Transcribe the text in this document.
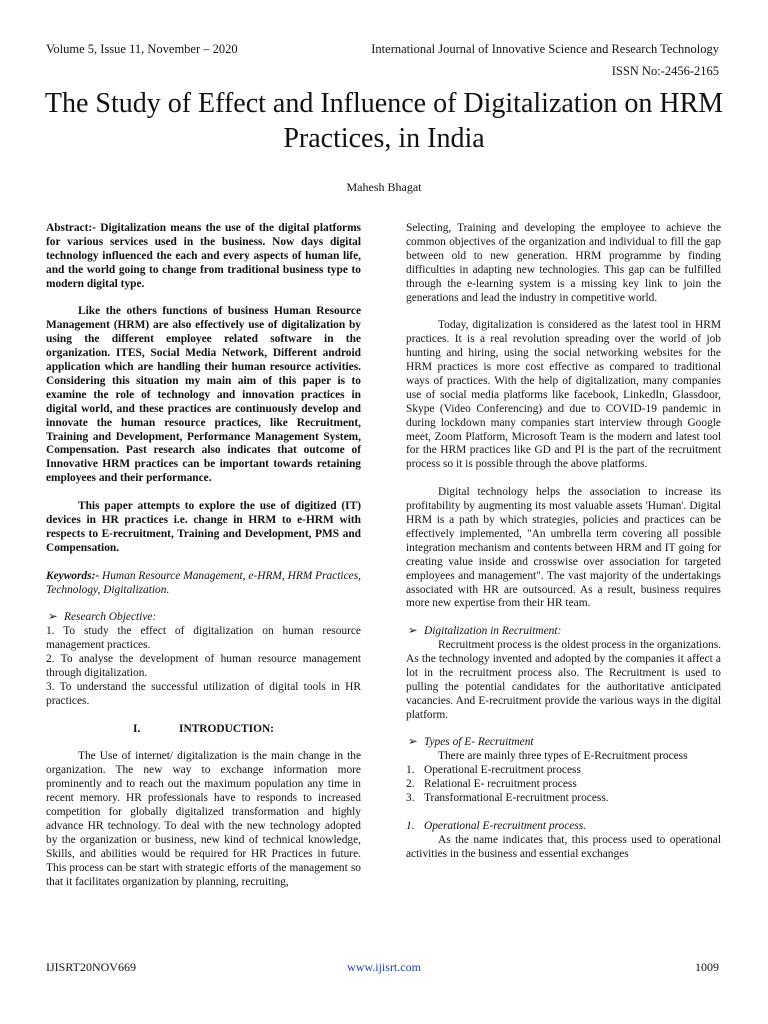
Volume 5, Issue 11, November – 2020	International Journal of Innovative Science and Research Technology
ISSN No:-2456-2165
The Study of Effect and Influence of Digitalization on HRM Practices, in India
Mahesh Bhagat

Abstract:- Digitalization means the use of the digital platforms for various services used in the business. Now days digital technology influenced the each and every aspects of human life, and the world going to change from traditional business type to modern digital type.

Like the others functions of business Human Resource Management (HRM) are also effectively use of digitalization by using the different employee related software in the organization. ITES, Social Media Network, Different android application which are handling their human resource activities. Considering this situation my main aim of this paper is to examine the role of technology and innovation practices in digital world, and these practices are continuously develop and innovate the human resource practices, like Recruitment, Training and Development, Performance Management System, Compensation. Past research also indicates that outcome of Innovative HRM practices can be important towards retaining employees and their performance.

This paper attempts to explore the use of digitized (IT) devices in HR practices i.e. change in HRM to e-HRM with respects to E-recruitment, Training and Development, PMS and Compensation.

Keywords:- Human Resource Management, e-HRM, HRM Practices, Technology, Digitalization.

➢ Research Objective:

1. To study the effect of digitalization on human resource management practices.

2. To analyse the development of human resource management through digitalization.

3. To understand the successful utilization of digital tools in HR practices.

I.	INTRODUCTION:

The Use of internet/ digitalization is the main change in the organization. The new way to exchange information more prominently and to reach out the maximum population any time in recent memory. HR professionals have to responds to increased competition for globally digitalized transformation and highly advance HR technology. To deal with the new technology adopted by the organization or business, new kind of technical knowledge, Skills, and abilities would be required for HR Practices in future. This process can be start with strategic efforts of the management so that it facilitates organization by planning, recruiting,

Selecting, Training and developing the employee to achieve the common objectives of the organization and individual to fill the gap between old to new generation. HRM programme by finding difficulties in adapting new technologies. This gap can be fulfilled through the e-learning system is a missing key link to join the generations and lead the industry in competitive world.

Today, digitalization is considered as the latest tool in HRM practices. It is a real revolution spreading over the world of job hunting and hiring, using the social networking websites for the HRM practices is more cost effective as compared to traditional ways of practices. With the help of digitalization, many companies use of social media platforms like facebook, LinkedIn, Glassdoor, Skype (Video Conferencing) and due to COVID-19 pandemic in during lockdown many companies start interview through Google meet, Zoom Platform, Microsoft Team is the modern and latest tool for the HRM practices like GD and PI is the part of the recruitment process so it is possible through the above platforms.

Digital technology helps the association to increase its profitability by augmenting its most valuable assets 'Human'. Digital HRM is a path by which strategies, policies and practices can be effectively implemented, "An umbrella term covering all possible integration mechanism and contents between HRM and IT going for creating value inside and crosswise over association for targeted employees and management". The vast majority of the undertakings associated with HR are outsourced. As a result, business requires more new expertise from their HR team.

➢ Digitalization in Recruitment:

Recruitment process is the oldest process in the organizations. As the technology invented and adopted by the companies it affect a lot in the recruitment process also. The Recruitment is used to pulling the potential candidates for the authoritative anticipated vacancies. And E-recruitment provide the various ways in the digital platform.

➢ Types of E- Recruitment

There are mainly three types of E-Recruitment process

1. Operational E-recruitment process
2. Relational E- recruitment process
3. Transformational E-recruitment process.
1. Operational E-recruitment process.

As the name indicates that, this process used to operational activities in the business and essential exchanges

IJISRT20NOV669	www.ijisrt.com	1009
